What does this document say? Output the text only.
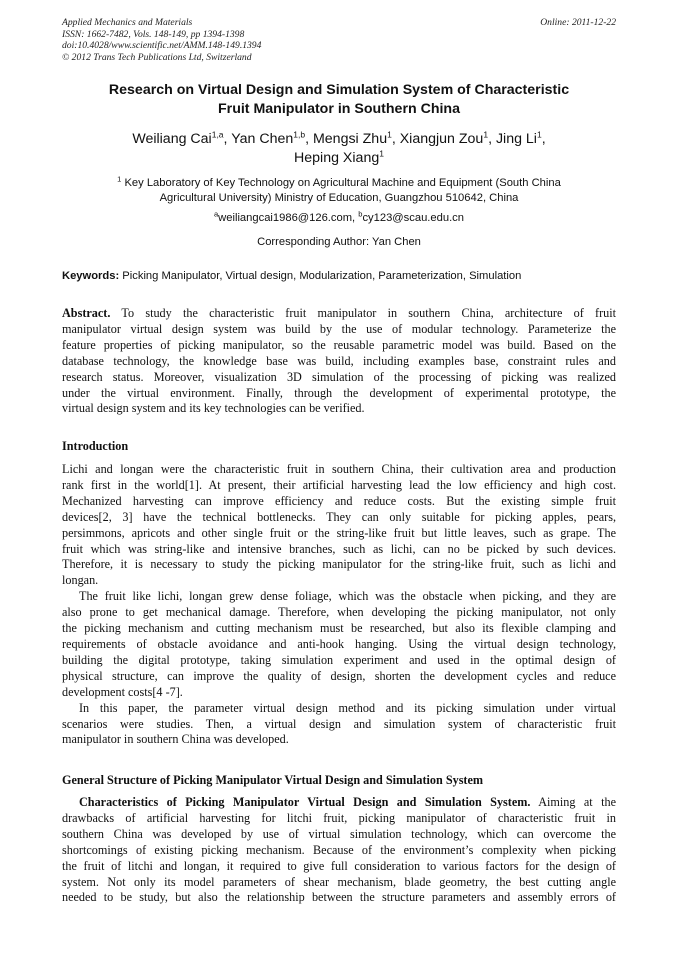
Applied Mechanics and Materials
ISSN: 1662-7482, Vols. 148-149, pp 1394-1398
doi:10.4028/www.scientific.net/AMM.148-149.1394
© 2012 Trans Tech Publications Ltd, Switzerland
Online: 2011-12-22
Research on Virtual Design and Simulation System of Characteristic
Fruit Manipulator in Southern China
Weiliang Cai$^{1,a}$, Yan Chen$^{1,b}$, Mengsi Zhu$^1$, Xiangjun Zou$^1$, Jing Li$^1$,
Heping Xiang$^1$
$^1$ Key Laboratory of Key Technology on Agricultural Machine and Equipment (South China
Agricultural University) Ministry of Education, Guangzhou 510642, China
$^a$weiliangcai1986@126.com, $^b$cy123@scau.edu.cn
Corresponding Author: Yan Chen
Keywords: Picking Manipulator, Virtual design, Modularization, Parameterization, Simulation
Abstract. To study the characteristic fruit manipulator in southern China, architecture of fruit
manipulator virtual design system was build by the use of modular technology. Parameterize the
feature properties of picking manipulator, so the reusable parametric model was build. Based on the
database technology, the knowledge base was build, including examples base, constraint rules and
research status. Moreover, visualization 3D simulation of the processing of picking was realized
under the virtual environment. Finally, through the development of experimental prototype, the
virtual design system and its key technologies can be verified.
Introduction
Lichi and longan were the characteristic fruit in southern China, their cultivation area and production
rank first in the world[1]. At present, their artificial harvesting lead the low efficiency and high cost.
Mechanized harvesting can improve efficiency and reduce costs. But the existing simple fruit
devices[2, 3] have the technical bottlenecks. They can only suitable for picking apples, pears,
persimmons, apricots and other single fruit or the string-like fruit but little leaves, such as grape. The
fruit which was string-like and intensive branches, such as lichi, can no be picked by such devices.
Therefore, it is necessary to study the picking manipulator for the string-like fruit, such as lichi and
longan.
The fruit like lichi, longan grew dense foliage, which was the obstacle when picking, and they are
also prone to get mechanical damage. Therefore, when developing the picking manipulator, not only
the picking mechanism and cutting mechanism must be researched, but also its flexible clamping and
requirements of obstacle avoidance and anti-hook hanging. Using the virtual design technology,
building the digital prototype, taking simulation experiment and used in the optimal design of
physical structure, can improve the quality of design, shorten the development cycles and reduce
development costs[4 -7].
In this paper, the parameter virtual design method and its picking simulation under virtual
scenarios were studies. Then, a virtual design and simulation system of characteristic fruit
manipulator in southern China was developed.
General Structure of Picking Manipulator Virtual Design and Simulation System
Characteristics of Picking Manipulator Virtual Design and Simulation System. Aiming at the
drawbacks of artificial harvesting for litchi fruit, picking manipulator of characteristic fruit in
southern China was developed by use of virtual simulation technology, which can overcome the
shortcomings of existing picking mechanism. Because of the environment’s complexity when picking
the fruit of litchi and longan, it required to give full consideration to various factors for the design of
system. Not only its model parameters of shear mechanism, blade geometry, the best cutting angle
needed to be study, but also the relationship between the structure parameters and assembly errors of
